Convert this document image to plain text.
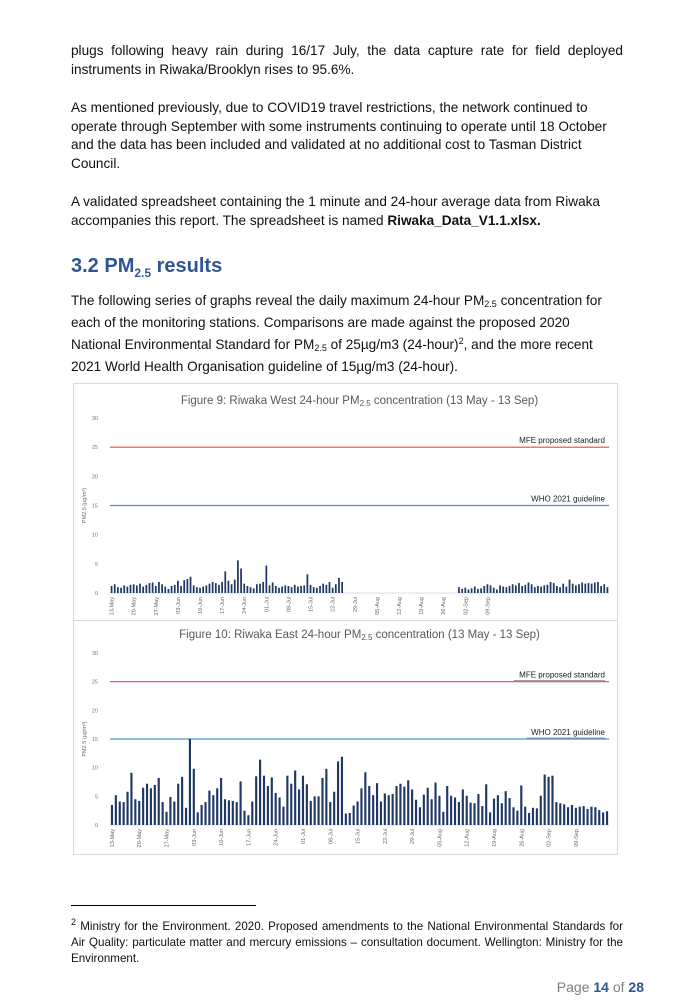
plugs following heavy rain during 16/17 July, the data capture rate for field deployed instruments in Riwaka/Brooklyn rises to 95.6%.

As mentioned previously, due to COVID19 travel restrictions, the network continued to operate through September with some instruments continuing to operate until 18 October and the data has been included and validated at no additional cost to Tasman District Council.

A validated spreadsheet containing the 1 minute and 24-hour average data from Riwaka accompanies this report. The spreadsheet is named Riwaka_Data_V1.1.xlsx.

3.2 $PM_{2.5}$ results

The following series of graphs reveal the daily maximum 24-hour $PM_{2.5}$ concentration for each of the monitoring stations. Comparisons are made against the proposed 2020 National Environmental Standard for $PM_{2.5}$ of 25µg/m3 (24-hour)$^2$, and the more recent 2021 World Health Organisation guideline of 15µg/m3 (24-hour).

Figure 9: Riwaka West 24-hour PM2.5 concentration (13 May - 13 Sep)
0
5
10
15
20
25
30
PM2.5 (µg/m³)
MFE proposed standard
WHO 2021 guideline
13-May	20-May	27-May	03-Jun	10-Jun	17-Jun	24-Jun	01-Jul	08-Jul	15-Jul	22-Jul	29-Jul	05-Aug	12-Aug	19-Aug	26-Aug	02-Sep	09-Sep
Figure 10: Riwaka East 24-hour PM2.5 concentration (13 May - 13 Sep)
0
5
10
15
20
25
30
PM2.5 (µg/m³)
MFE proposed standard
WHO 2021 guideline
13-May	20-May	27-May	03-Jun	10-Jun	17-Jun	24-Jun	01-Jul	08-Jul	15-Jul	22-Jul	29-Jul	05-Aug	12-Aug	19-Aug	26-Aug	02-Sep	09-Sep

$^2$ Ministry for the Environment. 2020. Proposed amendments to the National Environmental Standards for Air Quality: particulate matter and mercury emissions – consultation document. Wellington: Ministry for the Environment.

Page 14 of 28
